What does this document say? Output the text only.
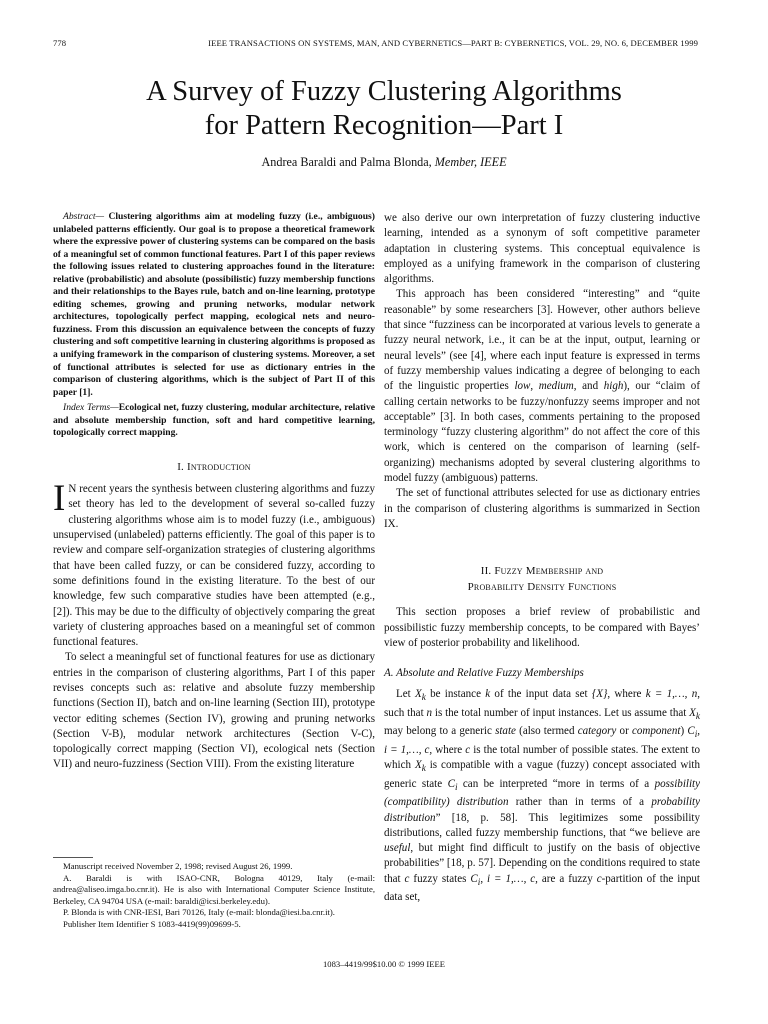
778	IEEE TRANSACTIONS ON SYSTEMS, MAN, AND CYBERNETICS—PART B: CYBERNETICS, VOL. 29, NO. 6, DECEMBER 1999
A Survey of Fuzzy Clustering Algorithms
for Pattern Recognition—Part I
Andrea Baraldi and Palma Blonda, Member, IEEE

Abstract— Clustering algorithms aim at modeling fuzzy (i.e., ambiguous) unlabeled patterns efficiently. Our goal is to propose a theoretical framework where the expressive power of clustering systems can be compared on the basis of a meaningful set of common functional features. Part I of this paper reviews the following issues related to clustering approaches found in the literature: relative (probabilistic) and absolute (possibilistic) fuzzy membership functions and their relationships to the Bayes rule, batch and on-line learning, prototype editing schemes, growing and pruning networks, modular network architectures, topologically perfect mapping, ecological nets and neuro-fuzziness. From this discussion an equivalence between the concepts of fuzzy clustering and soft competitive learning in clustering algorithms is proposed as a unifying framework in the comparison of clustering systems. Moreover, a set of functional attributes is selected for use as dictionary entries in the comparison of clustering algorithms, which is the subject of Part II of this paper [1].

Index Terms—Ecological net, fuzzy clustering, modular architecture, relative and absolute membership function, soft and hard competitive learning, topologically correct mapping.

I. Introduction

I N recent years the synthesis between clustering algorithms and fuzzy set theory has led to the development of several so-called fuzzy clustering algorithms whose aim is to model fuzzy (i.e., ambiguous) unsupervised (unlabeled) patterns efficiently. The goal of this paper is to review and compare self-organization strategies of clustering algorithms that have been called fuzzy, or can be considered fuzzy, according to some definitions found in the existing literature. To the best of our knowledge, few such comparative studies have been attempted (e.g., [2]). This may be due to the difficulty of objectively comparing the great variety of clustering approaches based on a meaningful set of common functional features.

To select a meaningful set of functional features for use as dictionary entries in the comparison of clustering algorithms, Part I of this paper revises concepts such as: relative and absolute fuzzy membership functions (Section II), batch and on-line learning (Section III), prototype vector editing schemes (Section IV), growing and pruning networks (Section V-B), modular network architectures (Section V-C), topologically correct mapping (Section VI), ecological nets (Section VII) and neuro-fuzziness (Section VIII). From the existing literature

Manuscript received November 2, 1998; revised August 26, 1999.

A. Baraldi is with ISAO-CNR, Bologna 40129, Italy (e-mail: andrea@aliseo.imga.bo.cnr.it). He is also with International Computer Science Institute, Berkeley, CA 94704 USA (e-mail: baraldi@icsi.berkeley.edu).

P. Blonda is with CNR-IESI, Bari 70126, Italy (e-mail: blonda@iesi.ba.cnr.it).

Publisher Item Identifier S 1083-4419(99)09699-5.

we also derive our own interpretation of fuzzy clustering inductive learning, intended as a synonym of soft competitive parameter adaptation in clustering systems. This conceptual equivalence is employed as a unifying framework in the comparison of clustering algorithms.

This approach has been considered “interesting” and “quite reasonable” by some researchers [3]. However, other authors believe that since “fuzziness can be incorporated at various levels to generate a fuzzy neural network, i.e., it can be at the input, output, learning or neural levels” (see [4], where each input feature is expressed in terms of fuzzy membership values indicating a degree of belonging to each of the linguistic properties low, medium, and high), our “claim of calling certain networks to be fuzzy/nonfuzzy seems improper and not acceptable” [3]. In both cases, comments pertaining to the proposed terminology “fuzzy clustering algorithm” do not affect the core of this work, which is centered on the comparison of learning (self-organizing) mechanisms adopted by several clustering algorithms to model fuzzy (ambiguous) patterns.

The set of functional attributes selected for use as dictionary entries in the comparison of clustering algorithms is summarized in Section IX.

II. Fuzzy Membership and
Probability Density Functions

This section proposes a brief review of probabilistic and possibilistic fuzzy membership concepts, to be compared with Bayes’ view of posterior probability and likelihood.

A. Absolute and Relative Fuzzy Memberships

Let $X_k$ be instance k of the input data set {X}, where k = 1,…, n, such that n is the total number of input instances. Let us assume that $X_k$ may belong to a generic state (also termed category or component) $C_i$, i = 1,…, c, where c is the total number of possible states. The extent to which $X_k$ is compatible with a vague (fuzzy) concept associated with generic state $C_i$ can be interpreted “more in terms of a possibility (compatibility) distribution rather than in terms of a probability distribution” [18, p. 58]. This legitimizes some possibility distributions, called fuzzy membership functions, that “we believe are useful, but might find difficult to justify on the basis of objective probabilities” [18, p. 57]. Depending on the conditions required to state that c fuzzy states $C_i$, i = 1,…, c, are a fuzzy c-partition of the input data set,

1083–4419/99$10.00 © 1999 IEEE
